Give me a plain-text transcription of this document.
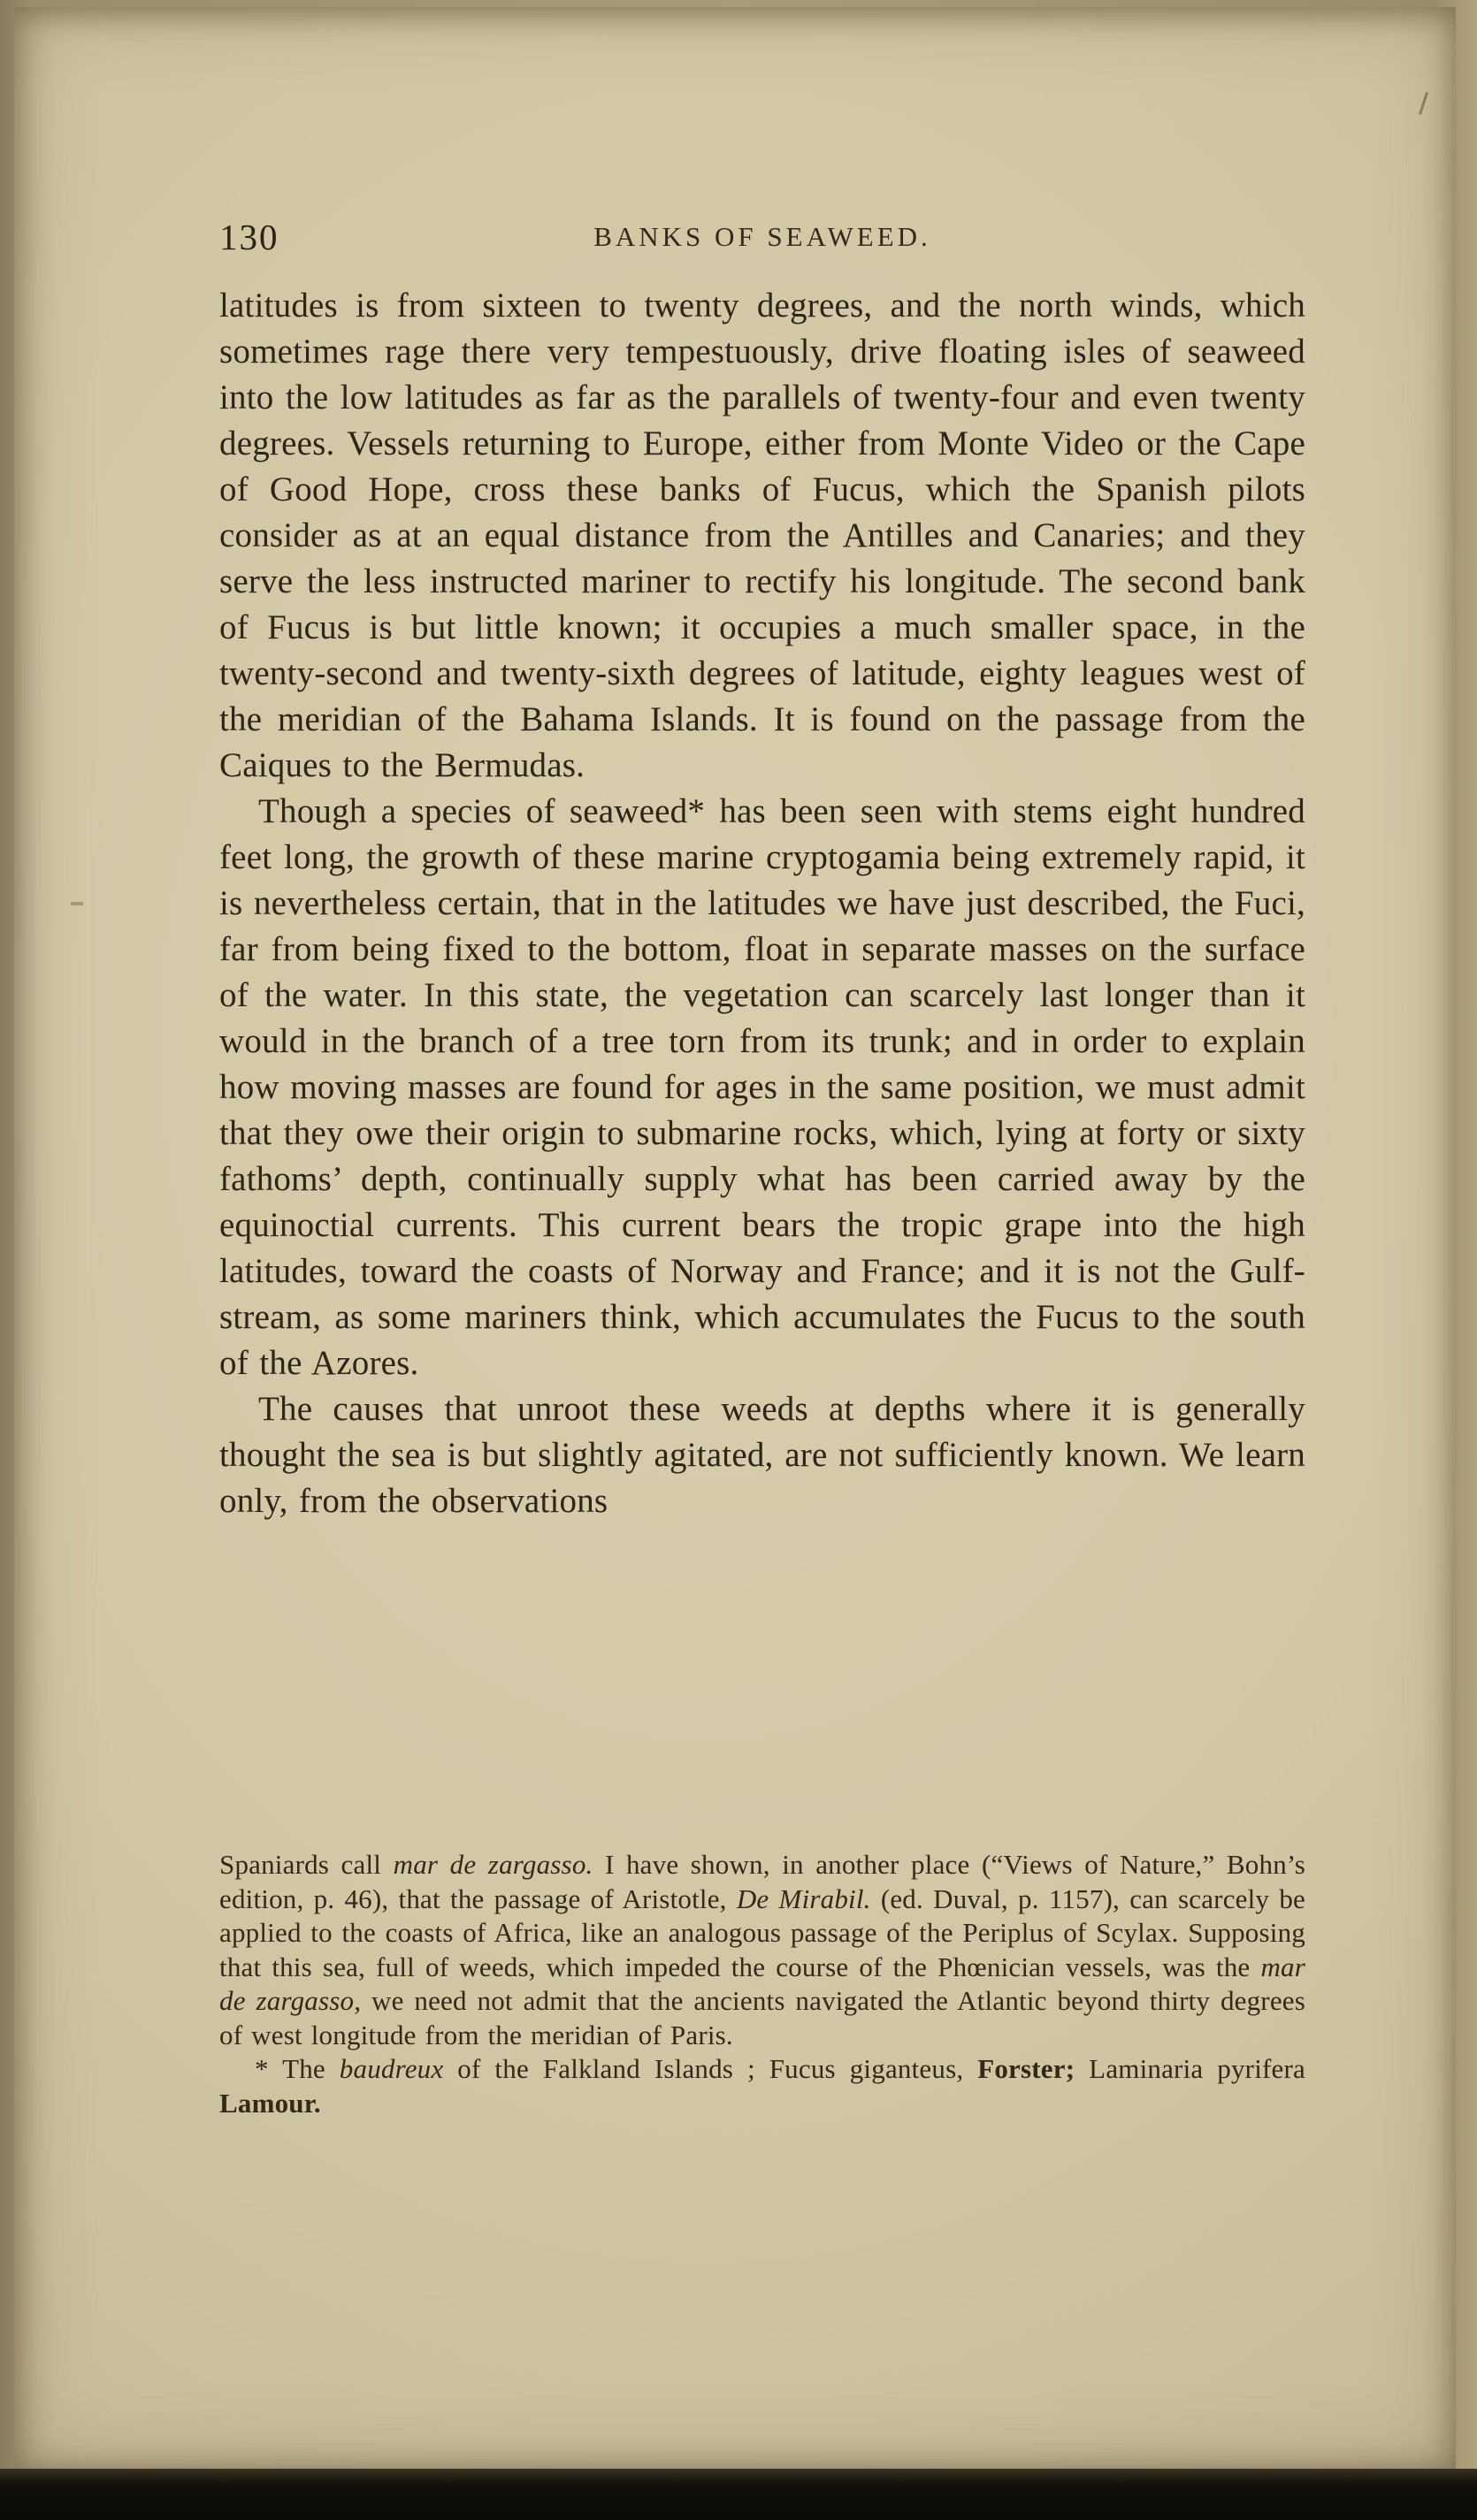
130	BANKS OF SEAWEED.

latitudes is from sixteen to twenty degrees, and the north winds, which sometimes rage there very tempestuously, drive floating isles of seaweed into the low latitudes as far as the parallels of twenty-four and even twenty degrees. Vessels returning to Europe, either from Monte Video or the Cape of Good Hope, cross these banks of Fucus, which the Spanish pilots consider as at an equal distance from the Antilles and Canaries; and they serve the less instructed mariner to rectify his longitude. The second bank of Fucus is but little known; it occupies a much smaller space, in the twenty-second and twenty-sixth degrees of latitude, eighty leagues west of the meridian of the Bahama Islands. It is found on the passage from the Caiques to the Bermudas.

Though a species of seaweed* has been seen with stems eight hundred feet long, the growth of these marine cryptogamia being extremely rapid, it is nevertheless certain, that in the latitudes we have just described, the Fuci, far from being fixed to the bottom, float in separate masses on the surface of the water. In this state, the vegetation can scarcely last longer than it would in the branch of a tree torn from its trunk; and in order to explain how moving masses are found for ages in the same position, we must admit that they owe their origin to submarine rocks, which, lying at forty or sixty fathoms’ depth, continually supply what has been carried away by the equinoctial currents. This current bears the tropic grape into the high latitudes, toward the coasts of Norway and France; and it is not the Gulf-stream, as some mariners think, which accumulates the Fucus to the south of the Azores.

The causes that unroot these weeds at depths where it is generally thought the sea is but slightly agitated, are not sufficiently known. We learn only, from the observations

Spaniards call mar de zargasso. I have shown, in another place (“Views of Nature,” Bohn’s edition, p. 46), that the passage of Aristotle, De Mirabil. (ed. Duval, p. 1157), can scarcely be applied to the coasts of Africa, like an analogous passage of the Periplus of Scylax. Supposing that this sea, full of weeds, which impeded the course of the Phœnician vessels, was the mar de zargasso, we need not admit that the ancients navigated the Atlantic beyond thirty degrees of west longitude from the meridian of Paris.

* The baudreux of the Falkland Islands ; Fucus giganteus, Forster; Laminaria pyrifera Lamour.
